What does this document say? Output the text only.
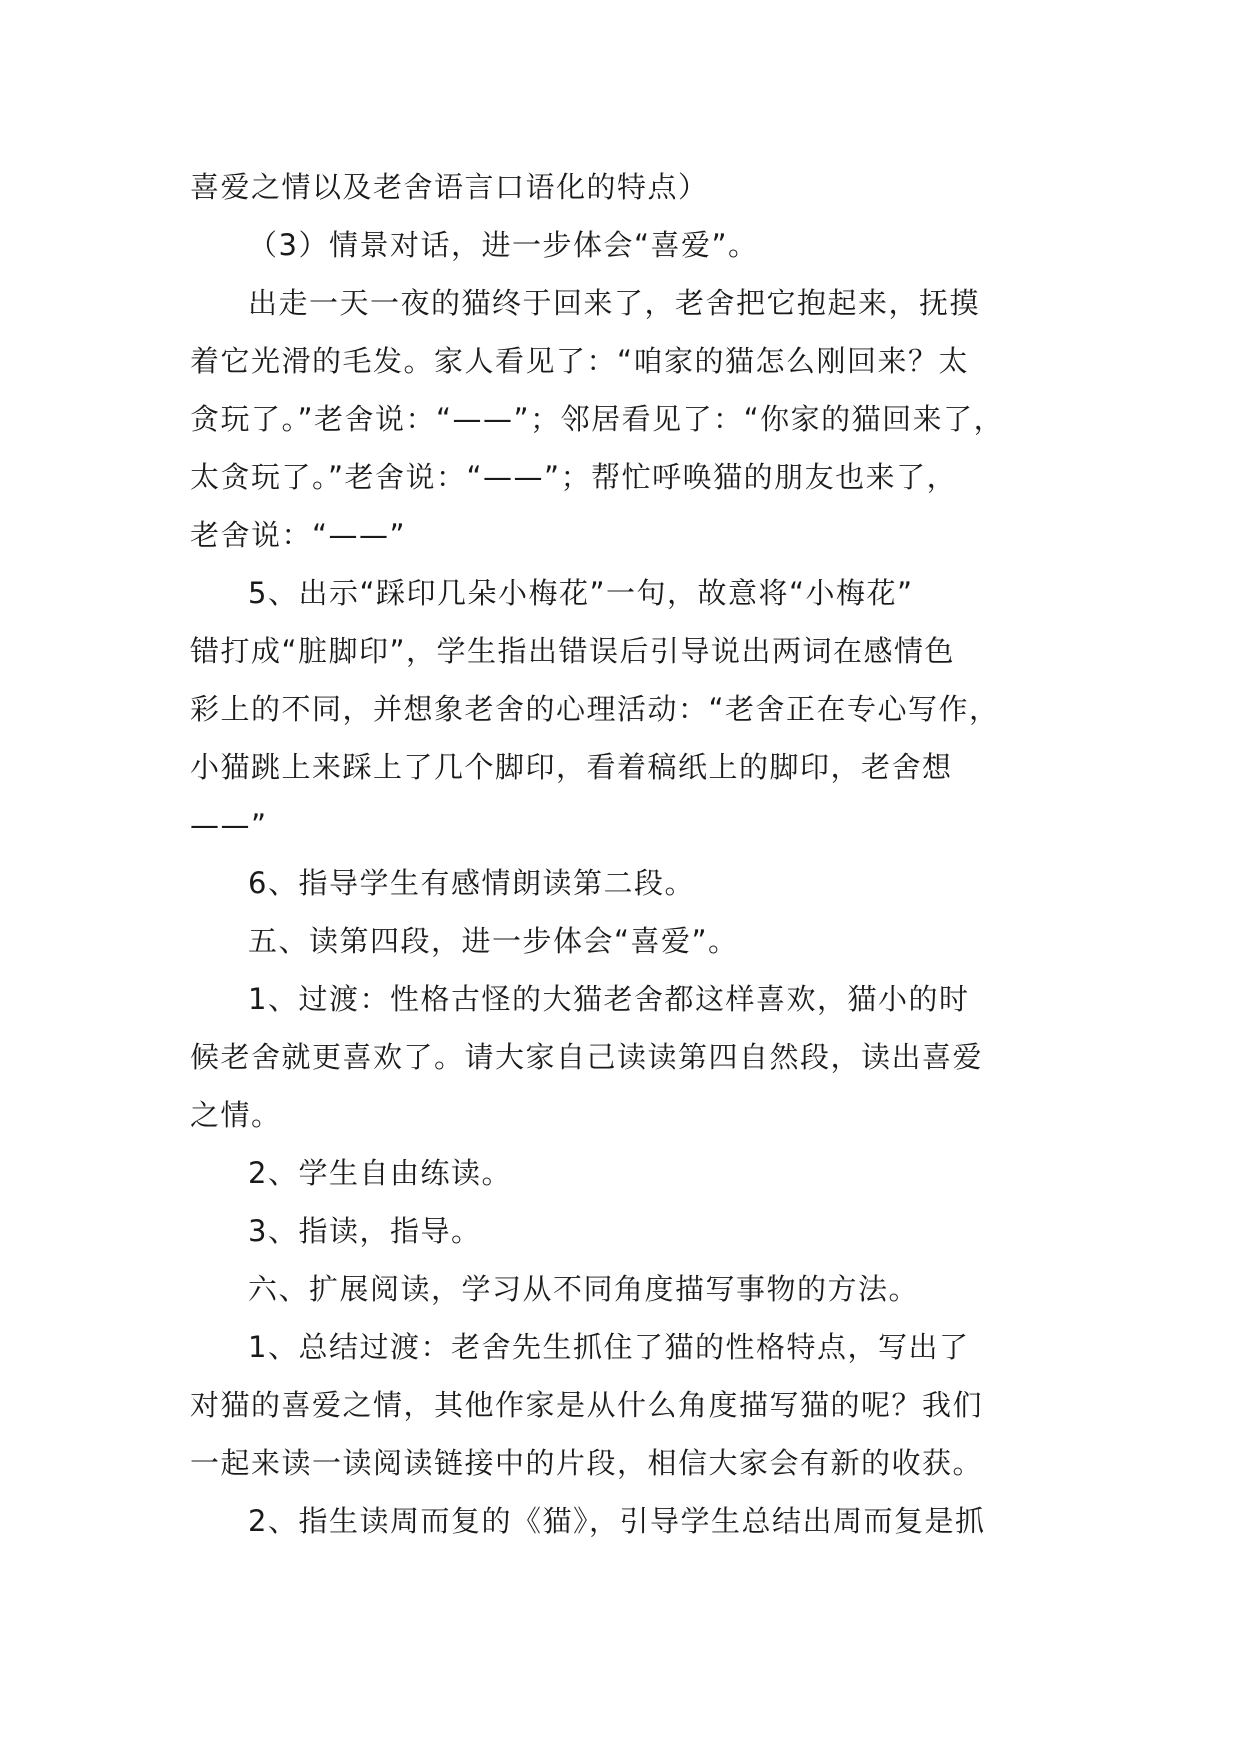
喜爱之情以及老舍语言口语化的特点）
（3）情景对话，进一步体会“喜爱”。
出走一天一夜的猫终于回来了，老舍把它抱起来，抚摸
着它光滑的毛发。家人看见了：“咱家的猫怎么刚回来？太
贪玩了。”老舍说：“——”；邻居看见了：“你家的猫回来了，
太贪玩了。”老舍说：“——”；帮忙呼唤猫的朋友也来了，
老舍说：“——”
5、出示“踩印几朵小梅花”一句，故意将“小梅花”
错打成“脏脚印”，学生指出错误后引导说出两词在感情色
彩上的不同，并想象老舍的心理活动：“老舍正在专心写作，
小猫跳上来踩上了几个脚印，看着稿纸上的脚印，老舍想
——”
6、指导学生有感情朗读第二段。
五、读第四段，进一步体会“喜爱”。
1、过渡：性格古怪的大猫老舍都这样喜欢，猫小的时
候老舍就更喜欢了。请大家自己读读第四自然段，读出喜爱
之情。
2、学生自由练读。
3、指读，指导。
六、扩展阅读，学习从不同角度描写事物的方法。
1、总结过渡：老舍先生抓住了猫的性格特点，写出了
对猫的喜爱之情，其他作家是从什么角度描写猫的呢？我们
一起来读一读阅读链接中的片段，相信大家会有新的收获。
2、指生读周而复的《猫》，引导学生总结出周而复是抓
